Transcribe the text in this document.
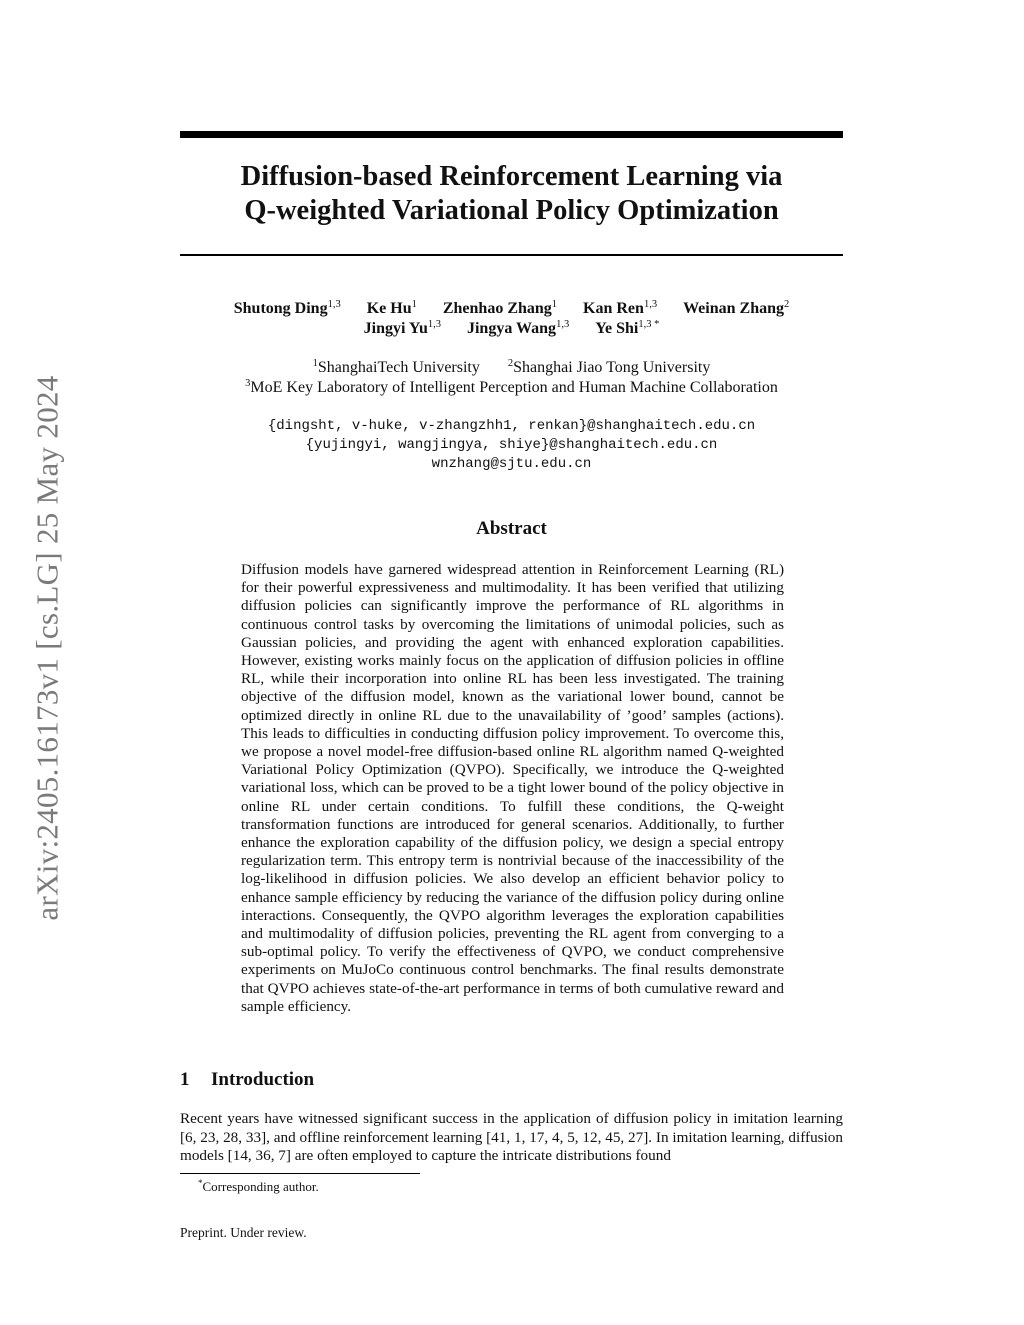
arXiv:2405.16173v1 [cs.LG] 25 May 2024
Diffusion-based Reinforcement Learning via
Q-weighted Variational Policy Optimization
Shutong Ding$^{1,3}$ Ke Hu$^1$ Zhenhao Zhang$^1$ Kan Ren$^{1,3}$ Weinan Zhang$^2$
Jingyi Yu$^{1,3}$ Jingya Wang$^{1,3}$ Ye Shi$^{1,3 *}$
$^1$ShanghaiTech University	$^2$Shanghai Jiao Tong University
$^3$MoE Key Laboratory of Intelligent Perception and Human Machine Collaboration
{dingsht, v-huke, v-zhangzhh1, renkan}@shanghaitech.edu.cn
{yujingyi, wangjingya, shiye}@shanghaitech.edu.cn
wnzhang@sjtu.edu.cn
Abstract
Diffusion models have garnered widespread attention in Reinforcement Learning (RL) for their powerful expressiveness and multimodality. It has been verified that utilizing diffusion policies can significantly improve the performance of RL algorithms in continuous control tasks by overcoming the limitations of unimodal policies, such as Gaussian policies, and providing the agent with enhanced exploration capabilities. However, existing works mainly focus on the application of diffusion policies in offline RL, while their incorporation into online RL has been less investigated. The training objective of the diffusion model, known as the variational lower bound, cannot be optimized directly in online RL due to the unavailability of ’good’ samples (actions). This leads to difficulties in conducting diffusion policy improvement. To overcome this, we propose a novel model-free diffusion-based online RL algorithm named Q-weighted Variational Policy Optimization (QVPO). Specifically, we introduce the Q-weighted variational loss, which can be proved to be a tight lower bound of the policy objective in online RL under certain conditions. To fulfill these conditions, the Q-weight transformation functions are introduced for general scenarios. Additionally, to further enhance the exploration capability of the diffusion policy, we design a special entropy regularization term. This entropy term is nontrivial because of the inaccessibility of the log-likelihood in diffusion policies. We also develop an efficient behavior policy to enhance sample efficiency by reducing the variance of the diffusion policy during online interactions. Consequently, the QVPO algorithm leverages the exploration capabilities and multimodality of diffusion policies, preventing the RL agent from converging to a sub-optimal policy. To verify the effectiveness of QVPO, we conduct comprehensive experiments on MuJoCo continuous control benchmarks. The final results demonstrate that QVPO achieves state-of-the-art performance in terms of both cumulative reward and sample efficiency.
1 Introduction
Recent years have witnessed significant success in the application of diffusion policy in imitation learning [6, 23, 28, 33], and offline reinforcement learning [41, 1, 17, 4, 5, 12, 45, 27]. In imitation learning, diffusion models [14, 36, 7] are often employed to capture the intricate distributions found
*Corresponding author.
Preprint. Under review.
